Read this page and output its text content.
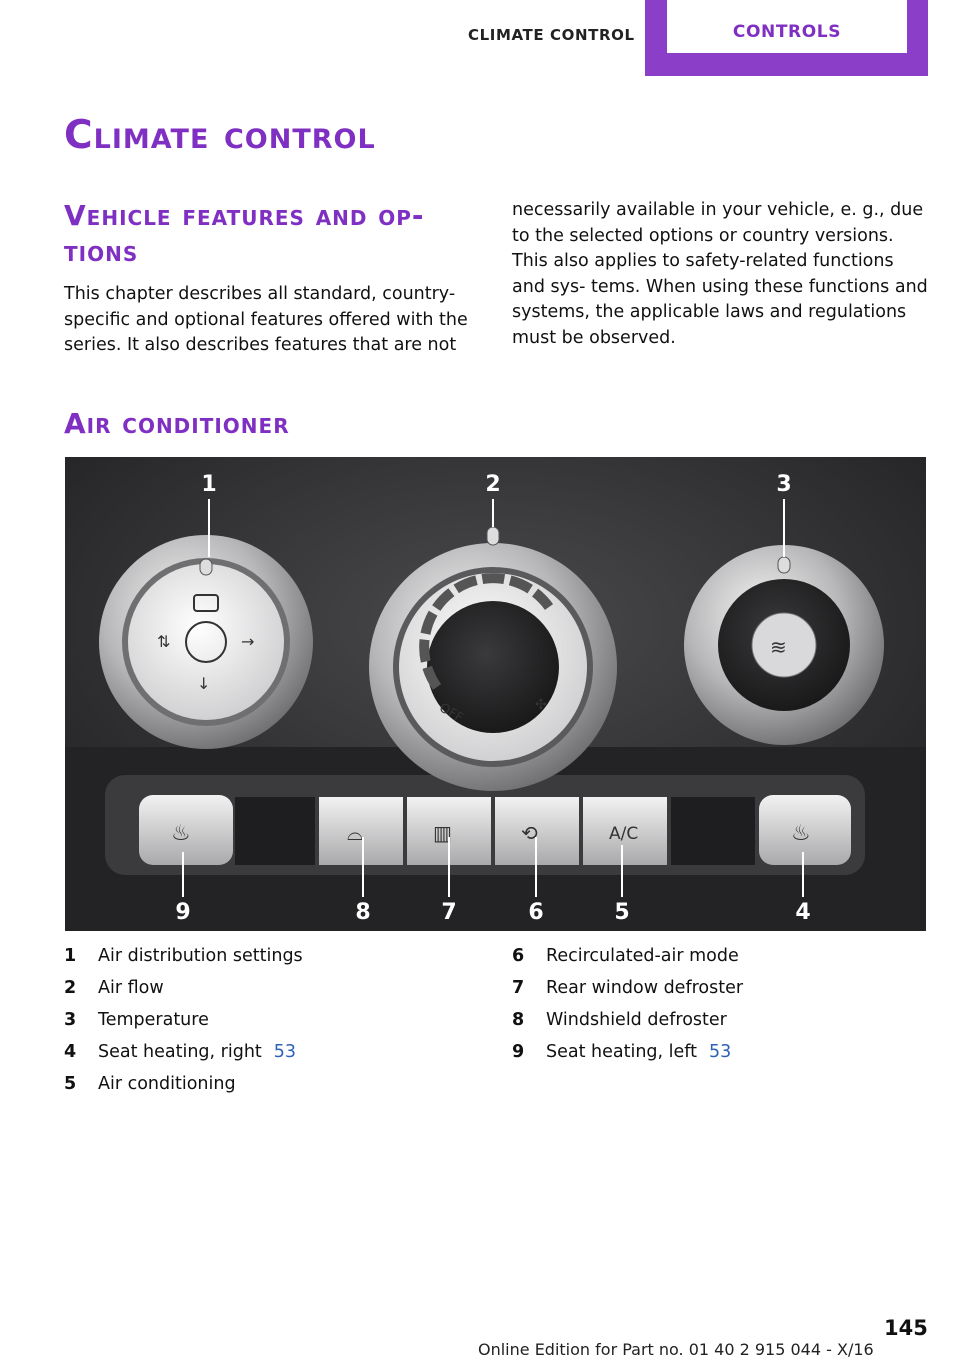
CLIMATE CONTROL	CONTROLS
Climate control
Vehicle features and op‐ tions

This chapter describes all standard, country-specific and optional features offered with the series. It also describes features that are not

necessarily available in your vehicle, e. g., due to the selected options or country versions. This also applies to safety-related functions and sys‐ tems. When using these functions and systems, the applicable laws and regulations must be observed.

Air conditioner
⇅	→
↓
OFF	✣
≋
♨	⌓	▥	⟲	A/C	♨
1	2	3
4
5
6
7
8
9
1	Air distribution settings
2	Air flow
3	Temperature
4	Seat heating, right 53
5	Air conditioning
6	Recirculated-air mode
7	Rear window defroster
8	Windshield defroster
9	Seat heating, left 53
145
Online Edition for Part no. 01 40 2 915 044 - X/16
